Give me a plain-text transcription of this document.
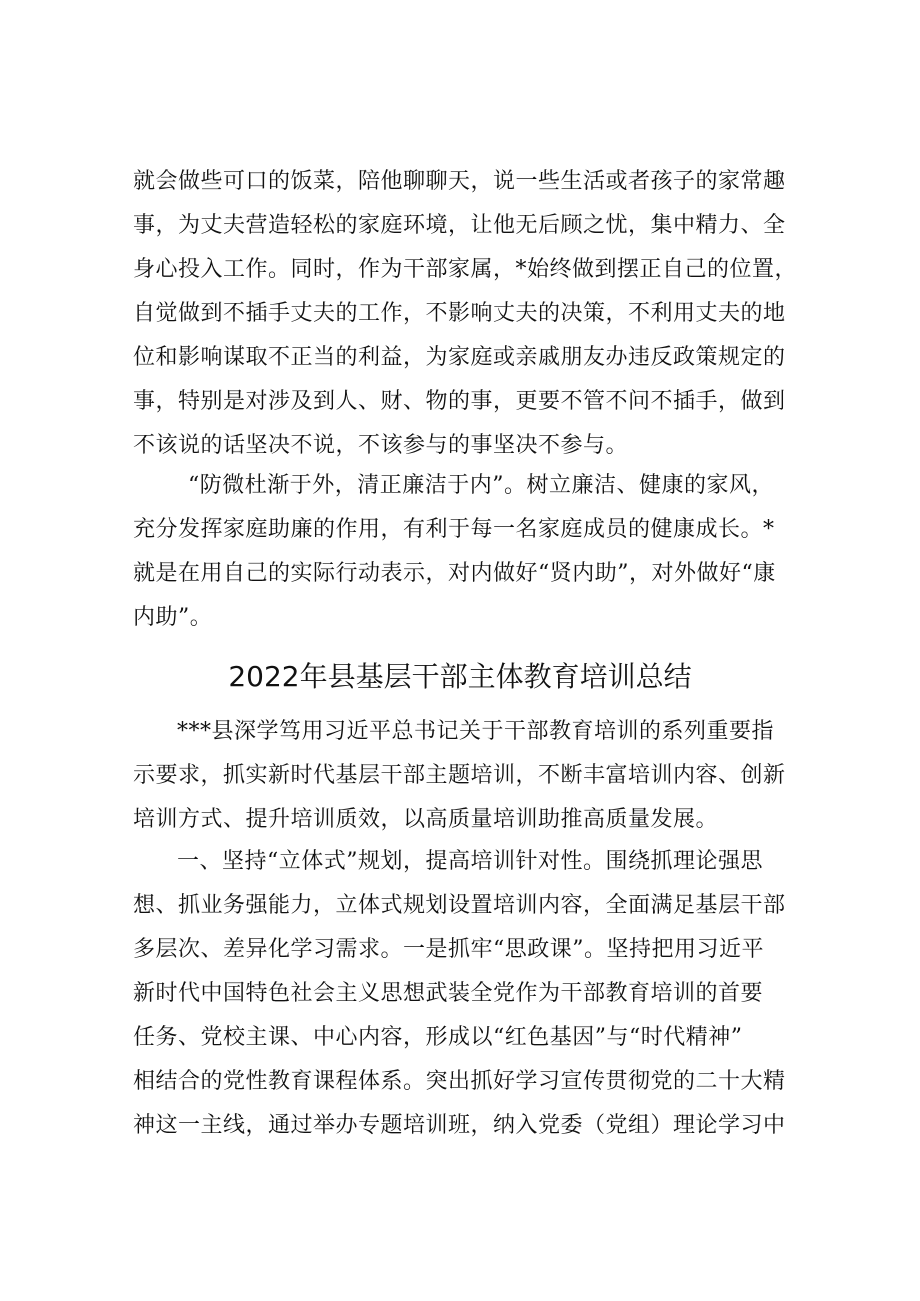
就会做些可口的饭菜，陪他聊聊天，说一些生活或者孩子的家常趣
事，为丈夫营造轻松的家庭环境，让他无后顾之忧，集中精力、全
身心投入工作。同时，作为干部家属，*始终做到摆正自己的位置，
自觉做到不插手丈夫的工作，不影响丈夫的决策，不利用丈夫的地
位和影响谋取不正当的利益，为家庭或亲戚朋友办违反政策规定的
事，特别是对涉及到人、财、物的事，更要不管不问不插手，做到
不该说的话坚决不说，不该参与的事坚决不参与。
“防微杜渐于外，清正廉洁于内”。树立廉洁、健康的家风，
充分发挥家庭助廉的作用，有利于每一名家庭成员的健康成长。*
就是在用自己的实际行动表示，对内做好“贤内助”，对外做好“康
内助”。
2022年县基层干部主体教育培训总结
***县深学笃用习近平总书记关于干部教育培训的系列重要指
示要求，抓实新时代基层干部主题培训，不断丰富培训内容、创新
培训方式、提升培训质效，以高质量培训助推高质量发展。
一、坚持“立体式”规划，提高培训针对性。围绕抓理论强思
想、抓业务强能力，立体式规划设置培训内容，全面满足基层干部
多层次、差异化学习需求。一是抓牢“思政课”。坚持把用习近平
新时代中国特色社会主义思想武装全党作为干部教育培训的首要
任务、党校主课、中心内容，形成以“红色基因”与“时代精神”
相结合的党性教育课程体系。突出抓好学习宣传贯彻党的二十大精
神这一主线，通过举办专题培训班，纳入党委（党组）理论学习中
